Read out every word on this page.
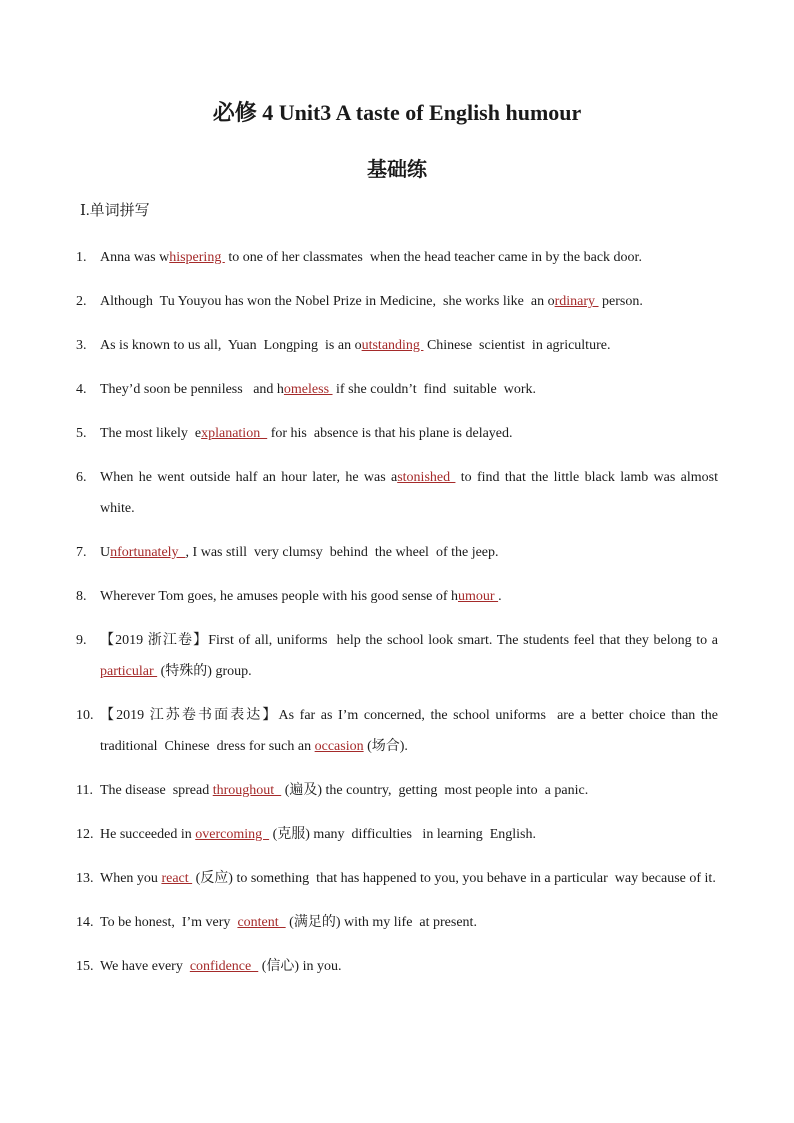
必修 4 Unit3 A taste of English humour
基础练
Ⅰ.单词拼写
1. Anna was whispering  to one of her classmates  when the head teacher came in by the back door.
2. Although  Tu Youyou has won the Nobel Prize in Medicine,  she works like  an ordinary  person.
3. As is known to us all,  Yuan  Longping  is an outstanding  Chinese  scientist  in agriculture.
4. They’d soon be penniless   and homeless  if she couldn’t  find  suitable  work.
5. The most likely  explanation   for his  absence is that his plane is delayed.
6. When he went outside half an hour later, he was astonished  to find that the little black lamb was almost white.
7. Unfortunately  , I was still  very clumsy  behind  the wheel  of the jeep.
8. Wherever Tom goes, he amuses people with his good sense of humour .
9. 【2019 浙江卷】First of all, uniforms  help the school look smart. The students feel that they belong to a particular  (特殊的) group.
10. 【2019 江苏卷书面表达】As far as I’m concerned, the school uniforms  are a better choice than the traditional  Chinese  dress for such an occasion (场合).
11. The disease  spread throughout   (遍及) the country,  getting  most people into  a panic.
12. He succeeded in overcoming   (克服) many  difficulties   in learning  English.
13. When you react  (反应) to something  that has happened to you, you behave in a particular  way because of it.
14. To be honest,  I’m very  content   (满足的) with my life  at present.
15. We have every  confidence   (信心) in you.
